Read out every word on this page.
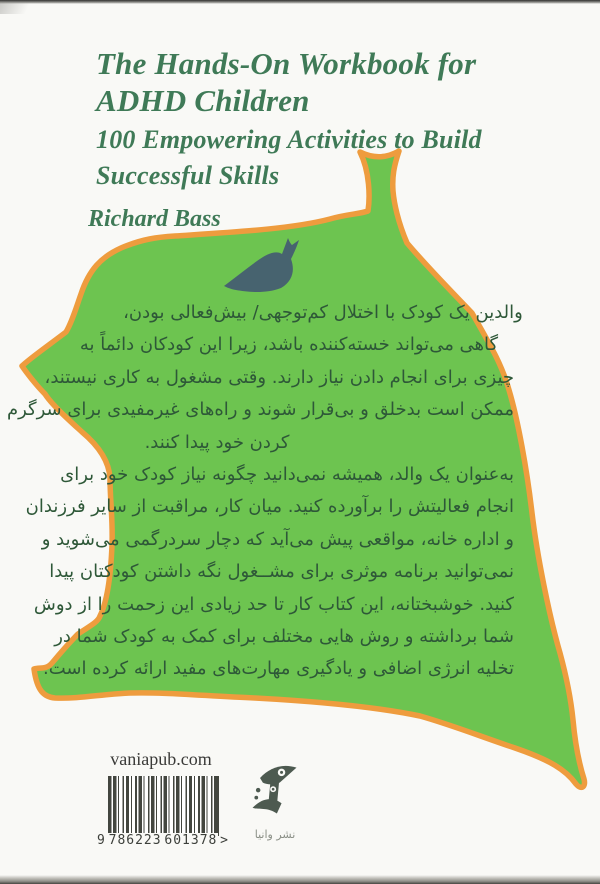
The Hands-On Workbook for
ADHD Children
100 Empowering Activities to Build
Successful Skills
Richard Bass
والدین یک کودک با اختلال کم‌توجهی/ بیش‌فعالی بودن،
گاهی می‌تواند خسته‌کننده باشد، زیرا این کودکان دائماً به
چیزی برای انجام دادن نیاز دارند. وقتی مشغول به کاری نیستند،
ممکن است بدخلق و بی‌قرار شوند و راه‌های غیرمفیدی برای سرگرم
کردن خود پیدا کنند.
به‌عنوان یک والد، همیشه نمی‌دانید چگونه نیاز کودک خود برای
انجام فعالیتش را برآورده کنید. میان کار، مراقبت از سایر فرزندان
و اداره خانه، مواقعی پیش می‌آید که دچار سردرگمی می‌شوید و
نمی‌توانید برنامه موثری برای مشــغول نگه داشتن کودکتان پیدا
کنید. خوشبختانه، این کتاب کار تا حد زیادی این زحمت را از دوش
شما برداشته و روش هایی مختلف برای کمک به کودک شما در
تخلیه انرژی اضافی و یادگیری مهارت‌های مفید ارائه کرده است.
vaniapub.com
9 786223 601378 >	نشر وانیا
